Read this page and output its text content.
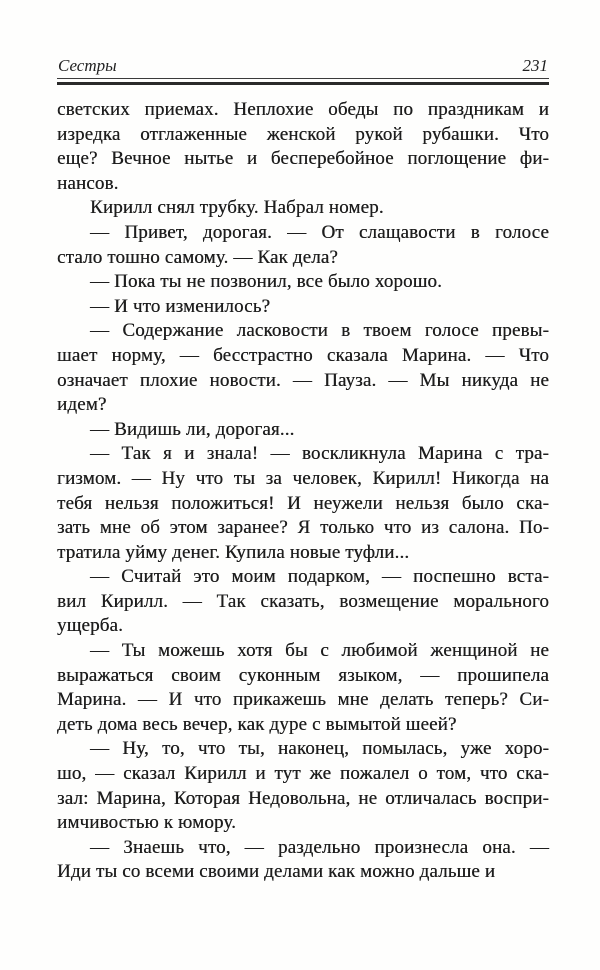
Сестры	231
светских приемах. Неплохие обеды по праздникам и
изредка отглаженные женской рукой рубашки. Что
еще? Вечное нытье и бесперебойное поглощение фи-
нансов.
Кирилл снял трубку. Набрал номер.
— Привет, дорогая. — От слащавости в голосе
стало тошно самому. — Как дела?
— Пока ты не позвонил, все было хорошо.
— И что изменилось?
— Содержание ласковости в твоем голосе превы-
шает норму, — бесстрастно сказала Марина. — Что
означает плохие новости. — Пауза. — Мы никуда не
идем?
— Видишь ли, дорогая...
— Так я и знала! — воскликнула Марина с тра-
гизмом. — Ну что ты за человек, Кирилл! Никогда на
тебя нельзя положиться! И неужели нельзя было ска-
зать мне об этом заранее? Я только что из салона. По-
тратила уйму денег. Купила новые туфли...
— Считай это моим подарком, — поспешно вста-
вил Кирилл. — Так сказать, возмещение морального
ущерба.
— Ты можешь хотя бы с любимой женщиной не
выражаться своим суконным языком, — прошипела
Марина. — И что прикажешь мне делать теперь? Си-
деть дома весь вечер, как дуре с вымытой шеей?
— Ну, то, что ты, наконец, помылась, уже хоро-
шо, — сказал Кирилл и тут же пожалел о том, что ска-
зал: Марина, Которая Недовольна, не отличалась воспри-
имчивостью к юмору.
— Знаешь что, — раздельно произнесла она. —
Иди ты со всеми своими делами как можно дальше и
